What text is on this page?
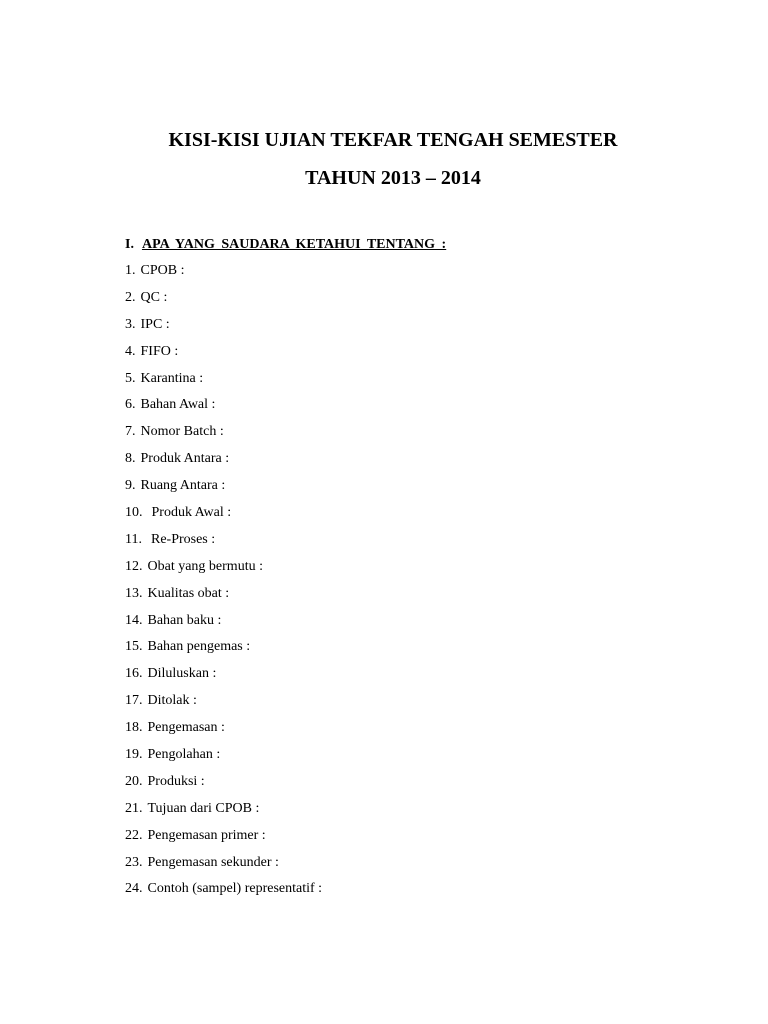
KISI-KISI UJIAN TEKFAR TENGAH SEMESTER
TAHUN 2013 – 2014
I. APA YANG SAUDARA KETAHUI TENTANG :
1. CPOB :
2. QC :
3. IPC :
4. FIFO :
5. Karantina :
6. Bahan Awal :
7. Nomor Batch :
8. Produk Antara :
9. Ruang Antara :
10. Produk Awal :
11. Re-Proses :
12. Obat yang bermutu :
13. Kualitas obat :
14. Bahan baku :
15. Bahan pengemas :
16. Diluluskan :
17. Ditolak :
18. Pengemasan :
19. Pengolahan :
20. Produksi :
21. Tujuan dari CPOB :
22. Pengemasan primer :
23. Pengemasan sekunder :
24. Contoh (sampel) representatif :
